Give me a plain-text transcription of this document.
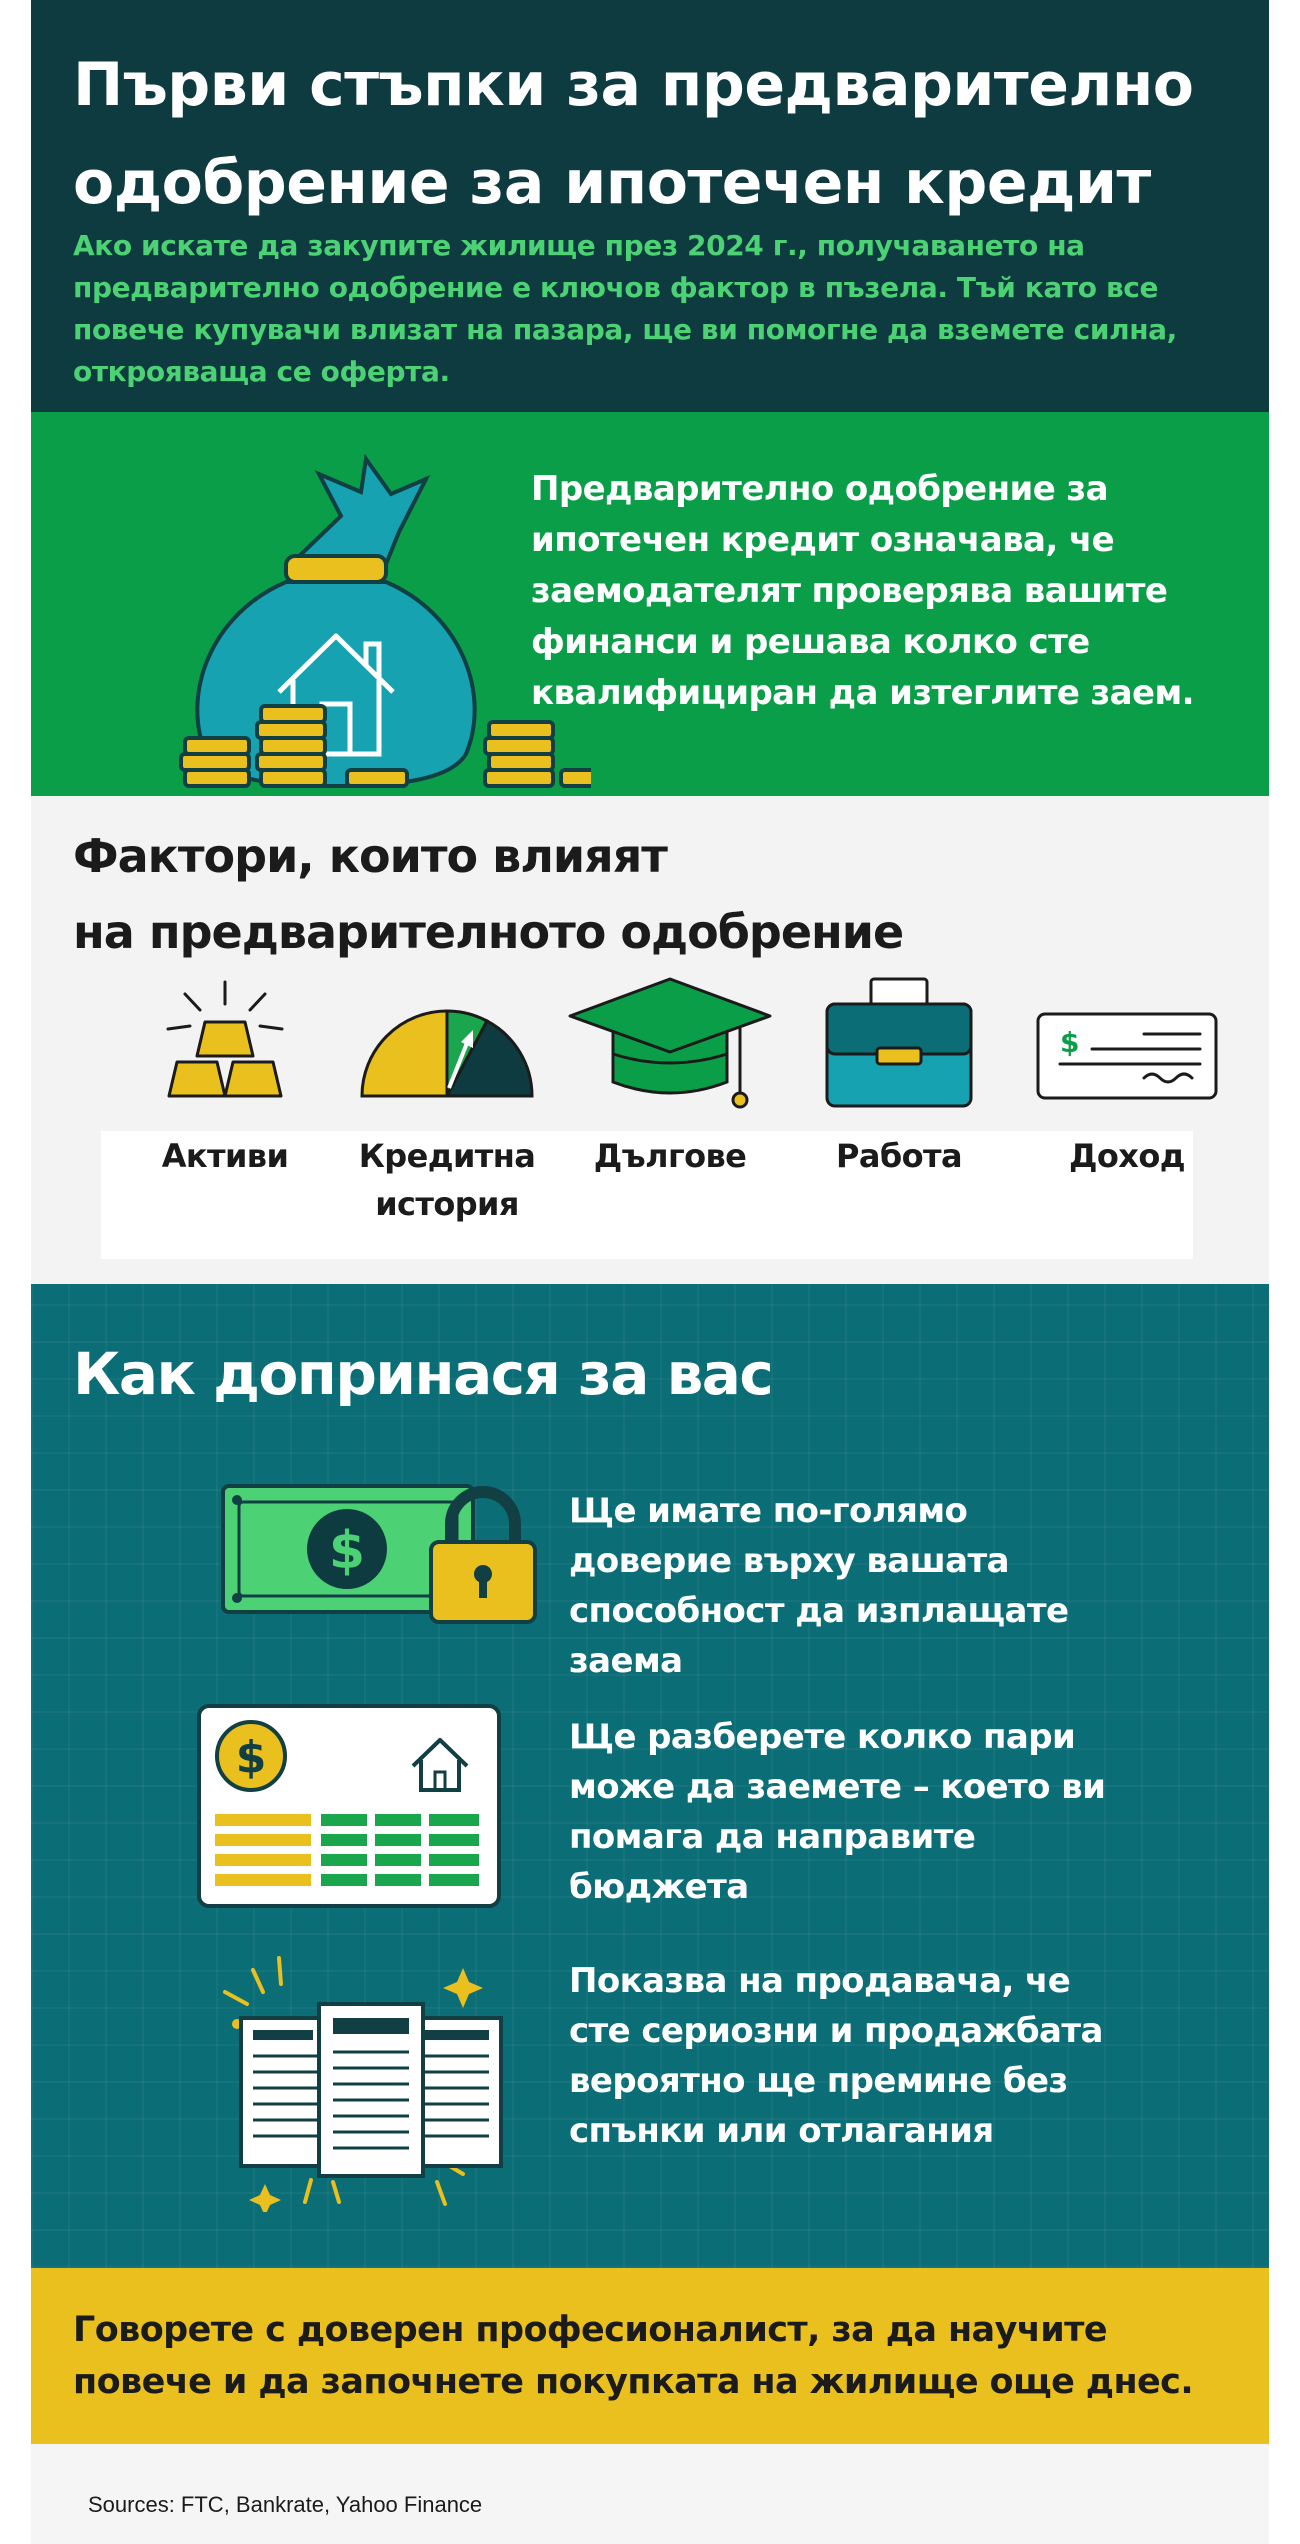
Първи стъпки за предварително одобрение за ипотечен кредит

Ако искате да закупите жилище през 2024 г., получаването на предварително одобрение е ключов фактор в пъзела. Тъй като все повече купувачи влизат на пазара, ще ви помогне да вземете силна, открояваща се оферта.

Предварително одобрение за ипотечен кредит означава, че заемодателят проверява вашите финанси и решава колко сте квалифициран да изтеглите заем.

Фактори, които влияят
на предварителното одобрение
Активи	Кредитна история
Дългове	Работа
$
Доход
Как допринася за вас
$
Ще имате по-голямо доверие върху вашата способност да изплащате заема
$	Ще разберете колко пари може да заемете – което ви помага да направите бюджета
Показва на продавача, че сте сериозни и продажбата вероятно ще премине без спънки или отлагания

Говорете с доверен професионалист, за да научите повече и да започнете покупката на жилище още днес.

Sources: FTC, Bankrate, Yahoo Finance
